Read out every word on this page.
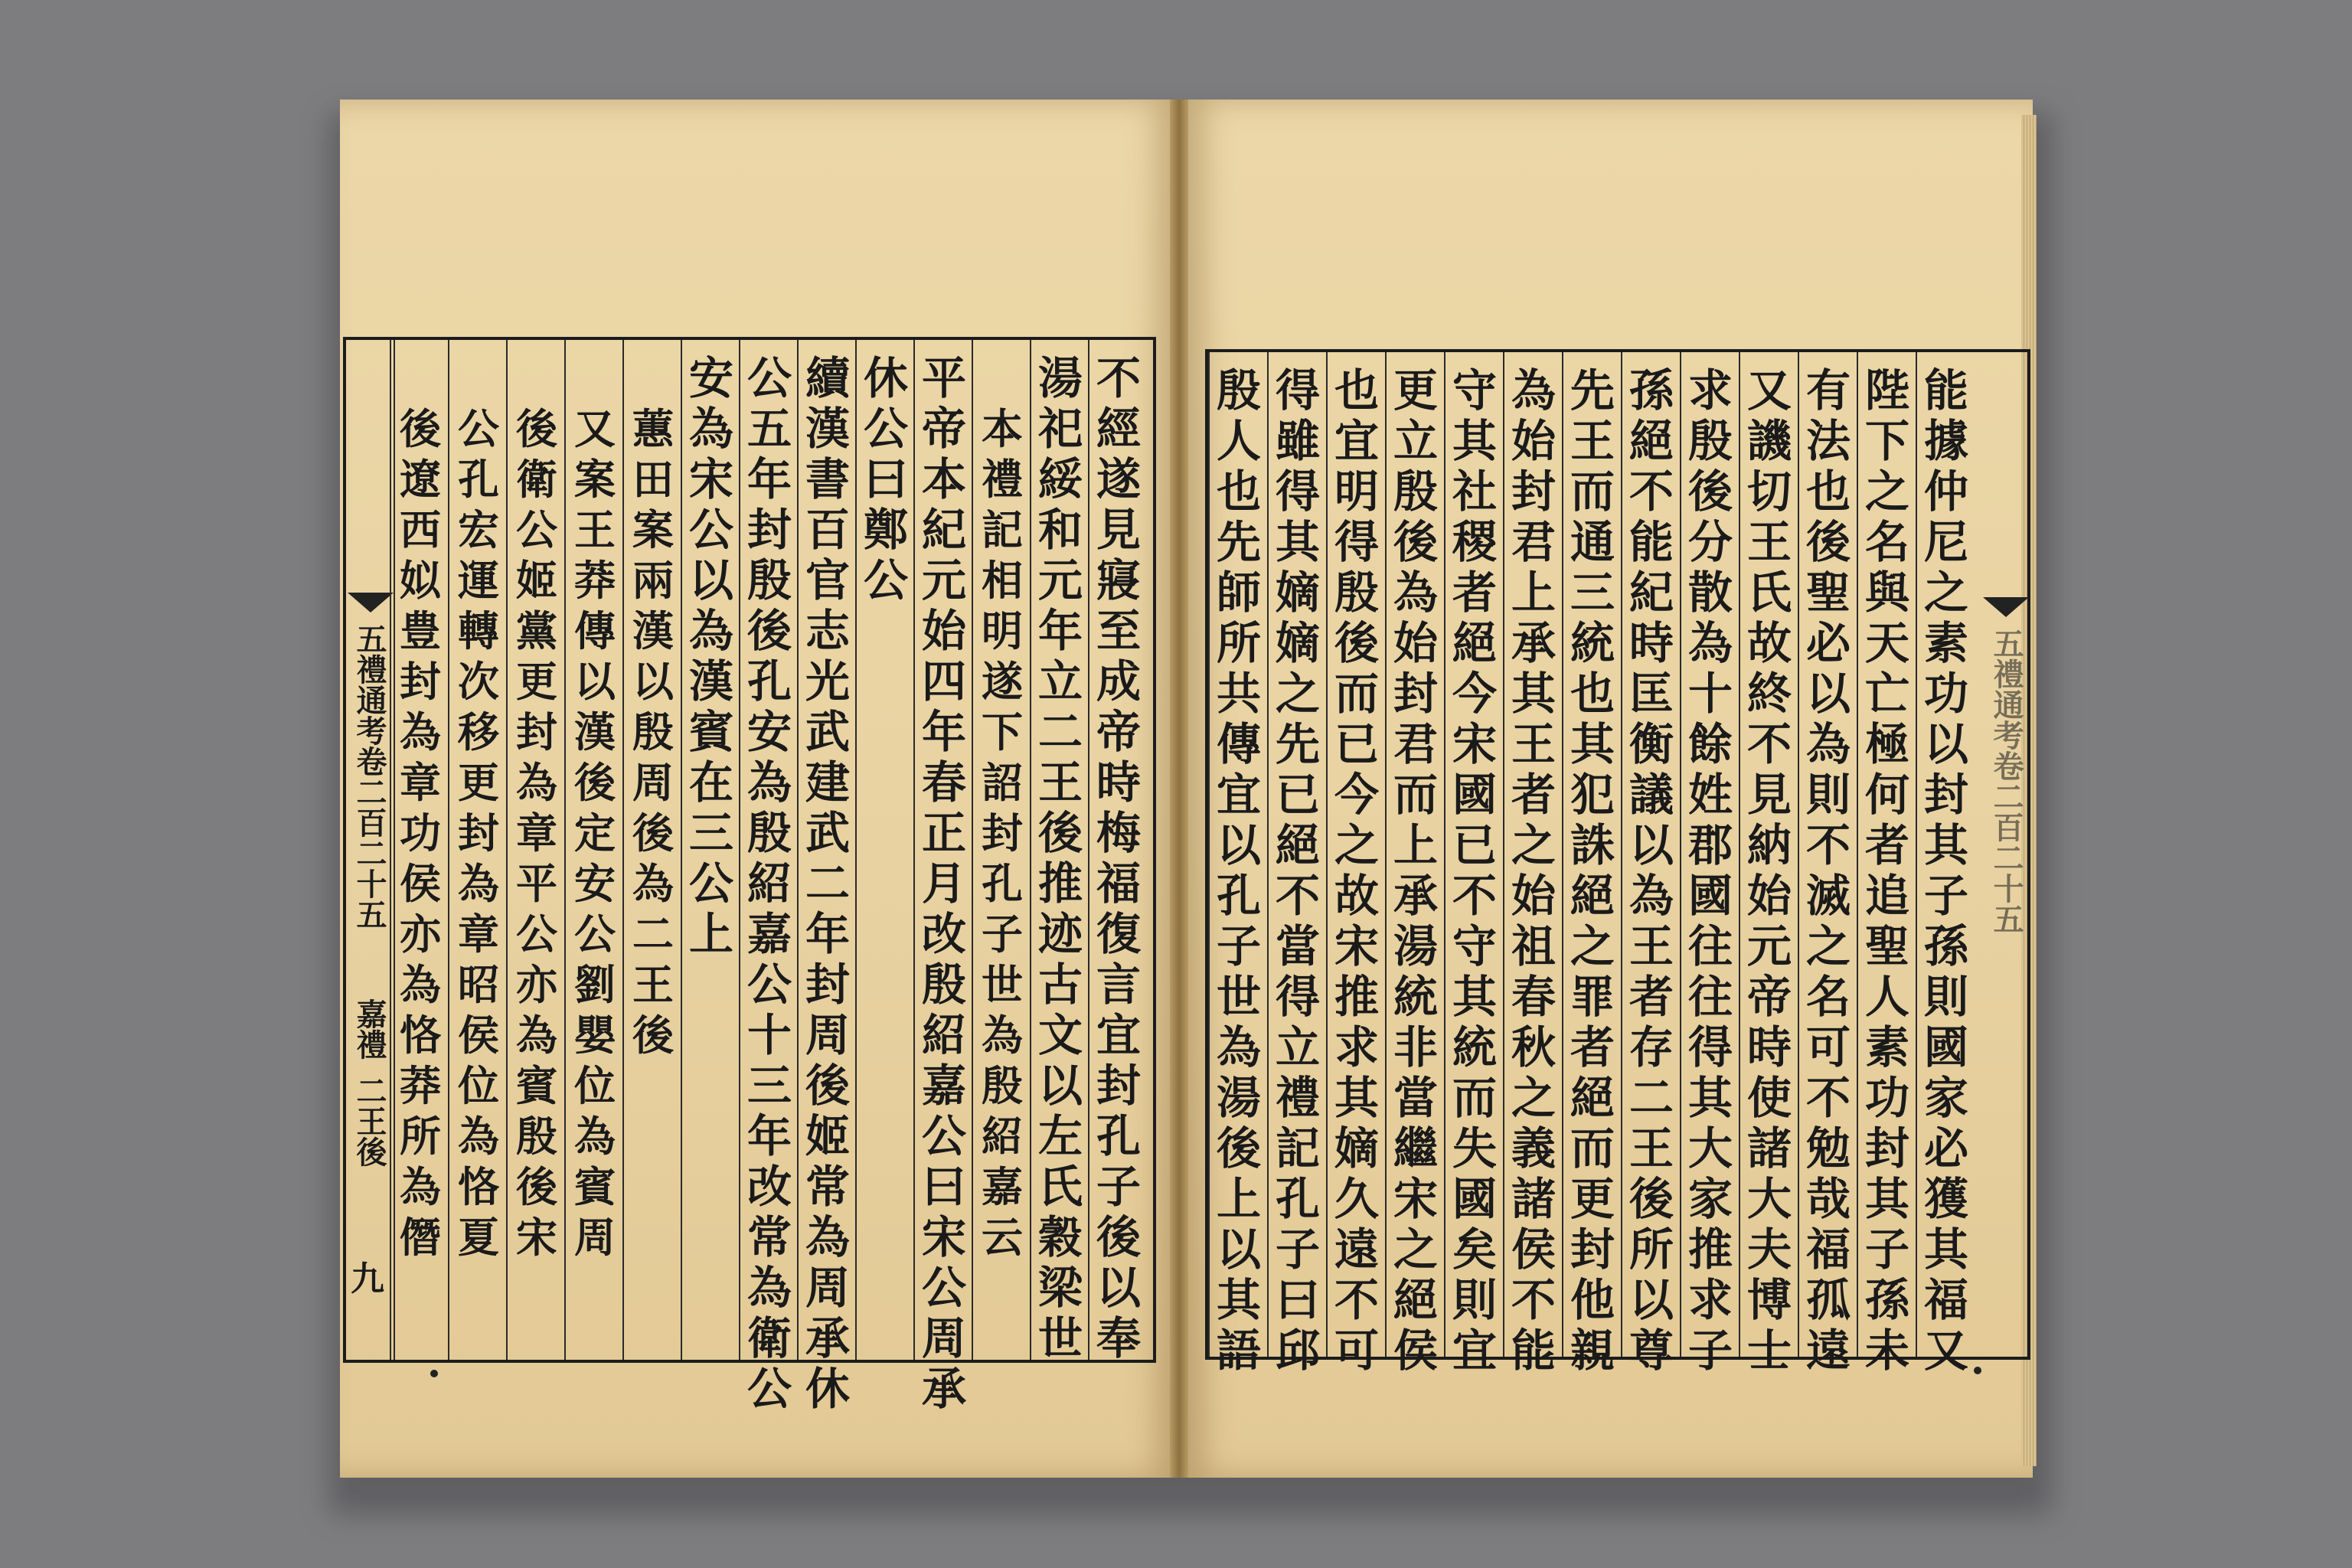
五禮通考卷二百二十五
嘉禮
二王後
九
不
經
遂
見
寢
至
成
帝
時
梅
福
復
言
宜
封
孔
子
後
以
奉
湯
祀
綏
和
元
年
立
二
王
後
推
迹
古
文
以
左
氏
穀
梁
世
本
禮
記
相
明
遂
下
詔
封
孔
子
世
為
殷
紹
嘉
云
平
帝
本
紀
元
始
四
年
春
正
月
改
殷
紹
嘉
公
曰
宋
公
周
承
休
公
曰
鄭
公
續
漢
書
百
官
志
光
武
建
武
二
年
封
周
後
姬
常
為
周
承
休
公
五
年
封
殷
後
孔
安
為
殷
紹
嘉
公
十
三
年
改
常
為
衛
公
安
為
宋
公
以
為
漢
賓
在
三
公
上
蕙
田
案
兩
漢
以
殷
周
後
為
二
王
後
又
案
王
莽
傳
以
漢
後
定
安
公
劉
嬰
位
為
賓
周
後
衛
公
姬
黨
更
封
為
章
平
公
亦
為
賓
殷
後
宋
公
孔
宏
運
轉
次
移
更
封
為
章
昭
侯
位
為
恪
夏
後
遼
西
姒
豊
封
為
章
功
侯
亦
為
恪
莽
所
為
僭
五禮通考卷二百二十五
能
據
仲
尼
之
素
功
以
封
其
子
孫
則
國
家
必
獲
其
福
又
陛
下
之
名
與
天
亡
極
何
者
追
聖
人
素
功
封
其
子
孫
未
有
法
也
後
聖
必
以
為
則
不
滅
之
名
可
不
勉
哉
福
孤
遠
又
譏
切
王
氏
故
終
不
見
納
始
元
帝
時
使
諸
大
夫
博
士
求
殷
後
分
散
為
十
餘
姓
郡
國
往
往
得
其
大
家
推
求
子
孫
絕
不
能
紀
時
匡
衡
議
以
為
王
者
存
二
王
後
所
以
尊
先
王
而
通
三
統
也
其
犯
誅
絕
之
罪
者
絕
而
更
封
他
親
為
始
封
君
上
承
其
王
者
之
始
祖
春
秋
之
義
諸
侯
不
能
守
其
社
稷
者
絕
今
宋
國
已
不
守
其
統
而
失
國
矣
則
宜
更
立
殷
後
為
始
封
君
而
上
承
湯
統
非
當
繼
宋
之
絕
侯
也
宜
明
得
殷
後
而
已
今
之
故
宋
推
求
其
嫡
久
遠
不
可
得
雖
得
其
嫡
嫡
之
先
已
絕
不
當
得
立
禮
記
孔
子
曰
邱
殷
人
也
先
師
所
共
傳
宜
以
孔
子
世
為
湯
後
上
以
其
語
